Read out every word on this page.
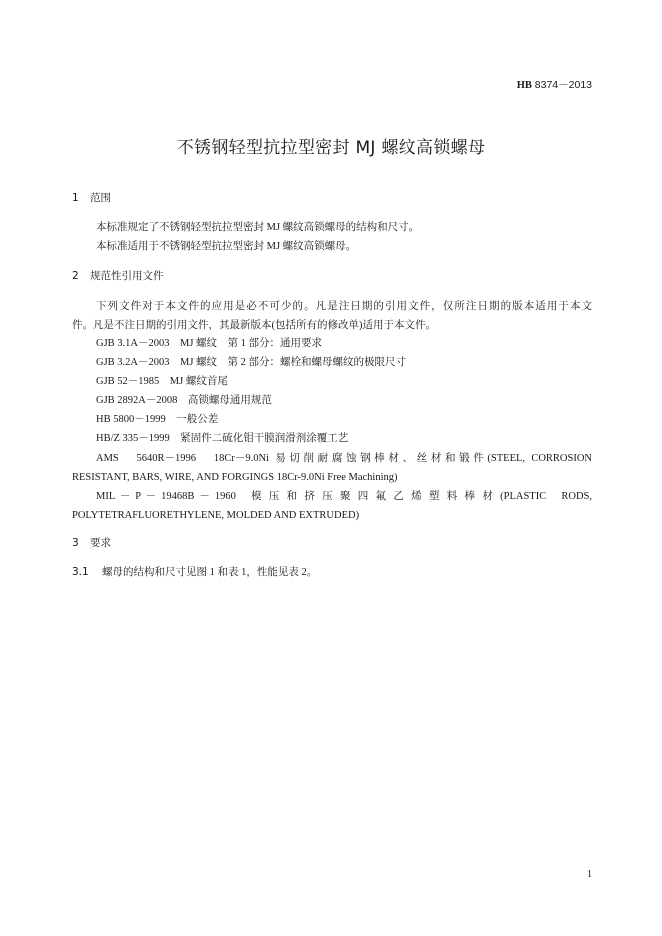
HB 8374－2013
不锈钢轻型抗拉型密封 MJ 螺纹高锁螺母
1 范围
本标准规定了不锈钢轻型抗拉型密封 MJ 螺纹高锁螺母的结构和尺寸。
本标准适用于不锈钢轻型抗拉型密封 MJ 螺纹高锁螺母。
2 规范性引用文件
下列文件对于本文件的应用是必不可少的。凡是注日期的引用文件，仅所注日期的版本适用于本文
件。凡是不注日期的引用文件，其最新版本(包括所有的修改单)适用于本文件。
GJB 3.1A－2003　MJ 螺纹　第 1 部分：通用要求
GJB 3.2A－2003　MJ 螺纹　第 2 部分：螺栓和螺母螺纹的极限尺寸
GJB 52－1985　MJ 螺纹首尾
GJB 2892A－2008　高锁螺母通用规范
HB 5800－1999　一般公差
HB/Z 335－1999　紧固件二硫化钼干膜润滑剂涂覆工艺
AMS　5640R－1996　18Cr－9.0Ni 易切削耐腐蚀钢棒材、丝材和锻件(STEEL, CORROSION
RESISTANT, BARS, WIRE, AND FORGINGS 18Cr-9.0Ni Free Machining)
MIL － P － 19468B － 1960　模 压 和 挤 压 聚 四 氟 乙 烯 塑 料 棒 材 (PLASTIC　RODS,
POLYTETRAFLUORETHYLENE, MOLDED AND EXTRUDED)
3 要求
3.1 螺母的结构和尺寸见图 1 和表 1，性能见表 2。
1
